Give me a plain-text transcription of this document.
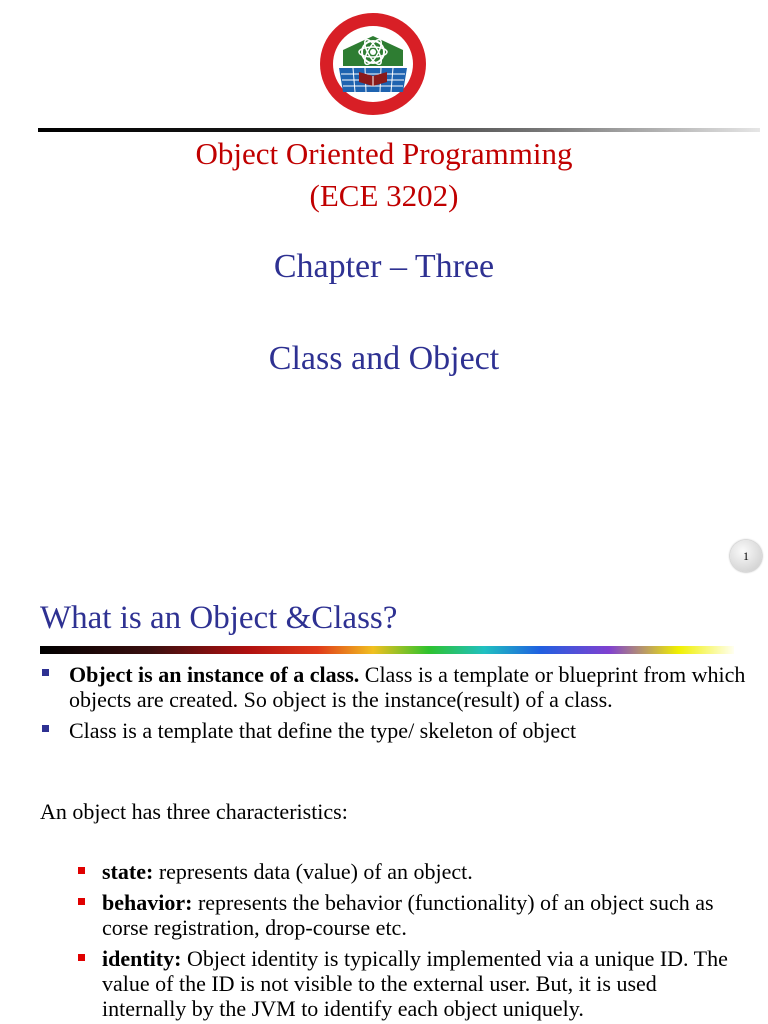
Object Oriented Programming
(ECE 3202)
Chapter – Three
Class and Object
1
What is an Object &Class?
Object is an instance of a class. Class is a template or blueprint from which objects are created. So object is the instance(result) of a class.
Class is a template that define the type/ skeleton of object
An object has three characteristics:
state: represents data (value) of an object.
behavior: represents the behavior (functionality) of an object such as corse registration, drop-course etc.
identity: Object identity is typically implemented via a unique ID. The value of the ID is not visible to the external user. But, it is used internally by the JVM to identify each object uniquely.
